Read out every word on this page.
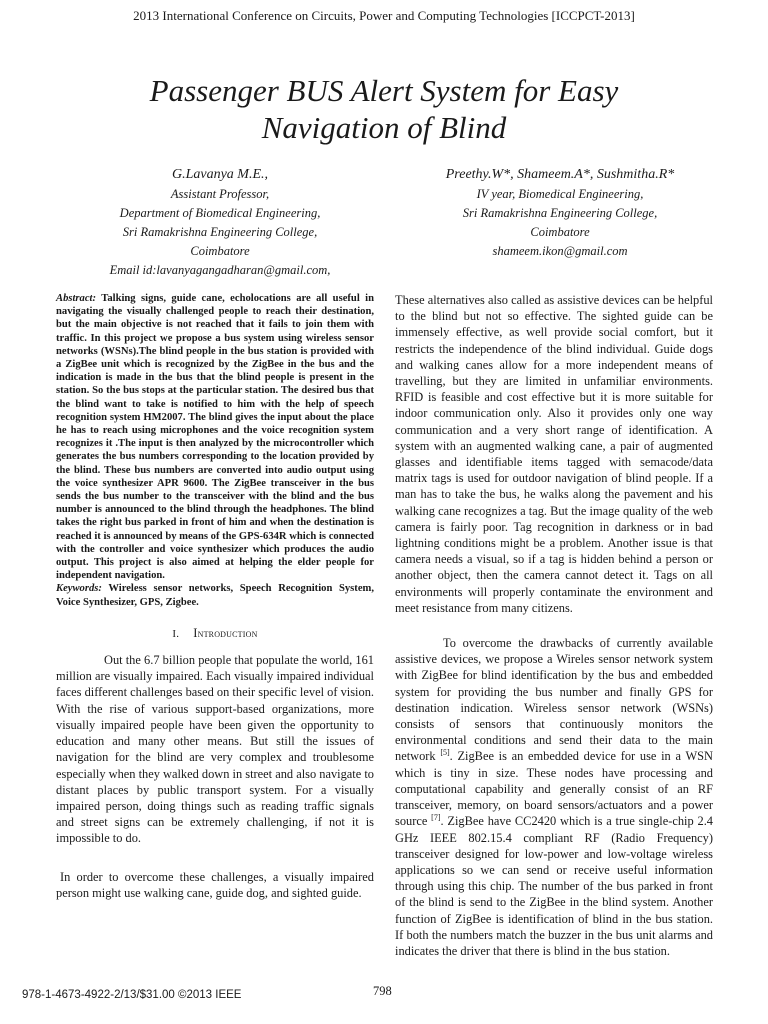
2013 International Conference on Circuits, Power and Computing Technologies [ICCPCT-2013]
Passenger BUS Alert System for Easy
Navigation of Blind
G.Lavanya M.E.,
Assistant Professor,
Department of Biomedical Engineering,
Sri Ramakrishna Engineering College,
Coimbatore
Email id:lavanyagangadharan@gmail.com,
Preethy.W*, Shameem.A*, Sushmitha.R*
IV year, Biomedical Engineering,
Sri Ramakrishna Engineering College,
Coimbatore
shameem.ikon@gmail.com

Abstract: Talking signs, guide cane, echolocations are all useful in navigating the visually challenged people to reach their destination, but the main objective is not reached that it fails to join them with traffic. In this project we propose a bus system using wireless sensor networks (WSNs).The blind people in the bus station is provided with a ZigBee unit which is recognized by the ZigBee in the bus and the indication is made in the bus that the blind people is present in the station. So the bus stops at the particular station. The desired bus that the blind want to take is notified to him with the help of speech recognition system HM2007. The blind gives the input about the place he has to reach using microphones and the voice recognition system recognizes it .The input is then analyzed by the microcontroller which generates the bus numbers corresponding to the location provided by the blind. These bus numbers are converted into audio output using the voice synthesizer APR 9600. The ZigBee transceiver in the bus sends the bus number to the transceiver with the blind and the bus number is announced to the blind through the headphones. The blind takes the right bus parked in front of him and when the destination is reached it is announced by means of the GPS-634R which is connected with the controller and voice synthesizer which produces the audio output. This project is also aimed at helping the elder people for independent navigation.

Keywords: Wireless sensor networks, Speech Recognition System, Voice Synthesizer, GPS, Zigbee.

I. Introduction

Out the 6.7 billion people that populate the world, 161 million are visually impaired. Each visually impaired individual faces different challenges based on their specific level of vision. With the rise of various support-based organizations, more visually impaired people have been given the opportunity to education and many other means. But still the issues of navigation for the blind are very complex and troublesome especially when they walked down in street and also navigate to distant places by public transport system. For a visually impaired person, doing things such as reading traffic signals and street signs can be extremely challenging, if not it is impossible to do.

In order to overcome these challenges, a visually impaired person might use walking cane, guide dog, and sighted guide.

These alternatives also called as assistive devices can be helpful to the blind but not so effective. The sighted guide can be immensely effective, as well provide social comfort, but it restricts the independence of the blind individual. Guide dogs and walking canes allow for a more independent means of travelling, but they are limited in unfamiliar environments. RFID is feasible and cost effective but it is more suitable for indoor communication only. Also it provides only one way communication and a very short range of identification. A system with an augmented walking cane, a pair of augmented glasses and identifiable items tagged with semacode/data matrix tags is used for outdoor navigation of blind people. If a man has to take the bus, he walks along the pavement and his walking cane recognizes a tag. But the image quality of the web camera is fairly poor. Tag recognition in darkness or in bad lightning conditions might be a problem. Another issue is that camera needs a visual, so if a tag is hidden behind a person or another object, then the camera cannot detect it. Tags on all environments will properly contaminate the environment and meet resistance from many citizens.

To overcome the drawbacks of currently available assistive devices, we propose a Wireles sensor network system with ZigBee for blind identification by the bus and embedded system for providing the bus number and finally GPS for destination indication. Wireless sensor network (WSNs) consists of sensors that continuously monitors the environmental conditions and send their data to the main network [5]. ZigBee is an embedded device for use in a WSN which is tiny in size. These nodes have processing and computational capability and generally consist of an RF transceiver, memory, on board sensors/actuators and a power source [7]. ZigBee have CC2420 which is a true single-chip 2.4 GHz IEEE 802.15.4 compliant RF (Radio Frequency) transceiver designed for low-power and low-voltage wireless applications so we can send or receive useful information through using this chip. The number of the bus parked in front of the blind is send to the ZigBee in the blind system. Another function of ZigBee is identification of blind in the bus station. If both the numbers match the buzzer in the bus unit alarms and indicates the driver that there is blind in the bus station.

978-1-4673-4922-2/13/$31.00 ©2013 IEEE	798
